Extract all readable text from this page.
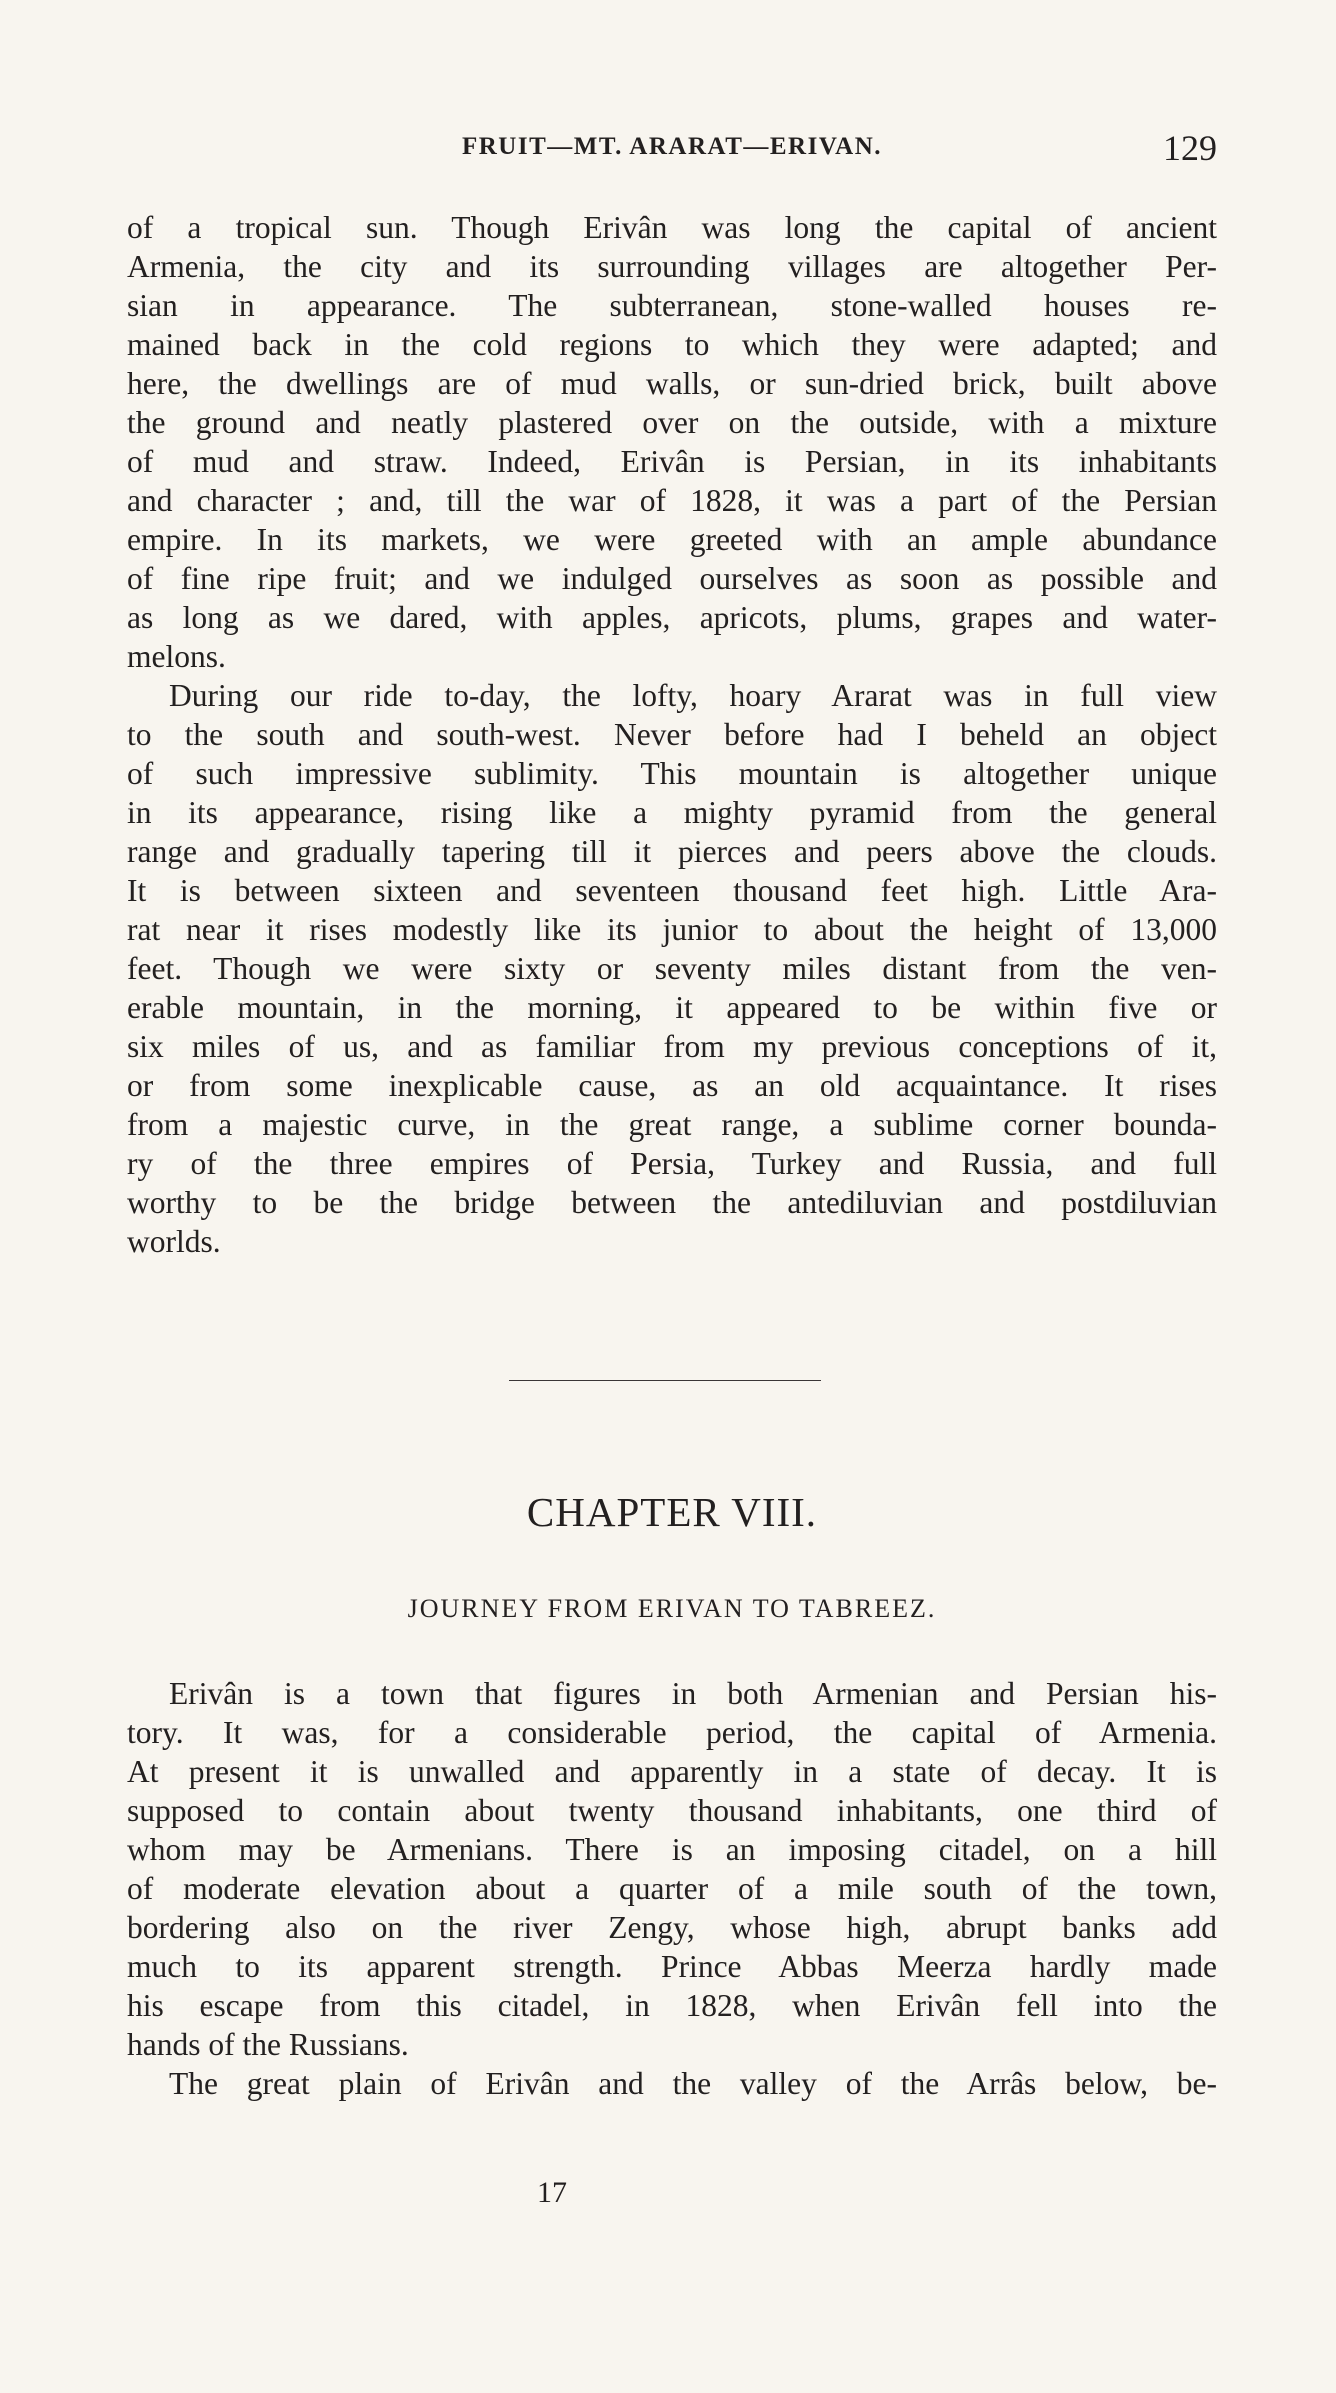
FRUIT—MT. ARARAT—ERIVAN.	129
of a tropical sun. Though Erivân was long the capital of ancient
Armenia, the city and its surrounding villages are altogether Per-
sian in appearance. The subterranean, stone-walled houses re-
mained back in the cold regions to which they were adapted; and
here, the dwellings are of mud walls, or sun-dried brick, built above
the ground and neatly plastered over on the outside, with a mixture
of mud and straw. Indeed, Erivân is Persian, in its inhabitants
and character ; and, till the war of 1828, it was a part of the Persian
empire. In its markets, we were greeted with an ample abundance
of fine ripe fruit; and we indulged ourselves as soon as possible and
as long as we dared, with apples, apricots, plums, grapes and water-
melons.
During our ride to-day, the lofty, hoary Ararat was in full view
to the south and south-west. Never before had I beheld an object
of such impressive sublimity. This mountain is altogether unique
in its appearance, rising like a mighty pyramid from the general
range and gradually tapering till it pierces and peers above the clouds.
It is between sixteen and seventeen thousand feet high. Little Ara-
rat near it rises modestly like its junior to about the height of 13,000
feet. Though we were sixty or seventy miles distant from the ven-
erable mountain, in the morning, it appeared to be within five or
six miles of us, and as familiar from my previous conceptions of it,
or from some inexplicable cause, as an old acquaintance. It rises
from a majestic curve, in the great range, a sublime corner bounda-
ry of the three empires of Persia, Turkey and Russia, and full
worthy to be the bridge between the antediluvian and postdiluvian
worlds.
CHAPTER VIII.
JOURNEY FROM ERIVAN TO TABREEZ.
Erivân is a town that figures in both Armenian and Persian his-
tory. It was, for a considerable period, the capital of Armenia.
At present it is unwalled and apparently in a state of decay. It is
supposed to contain about twenty thousand inhabitants, one third of
whom may be Armenians. There is an imposing citadel, on a hill
of moderate elevation about a quarter of a mile south of the town,
bordering also on the river Zengy, whose high, abrupt banks add
much to its apparent strength. Prince Abbas Meerza hardly made
his escape from this citadel, in 1828, when Erivân fell into the
hands of the Russians.
The great plain of Erivân and the valley of the Arrâs below, be-
17
